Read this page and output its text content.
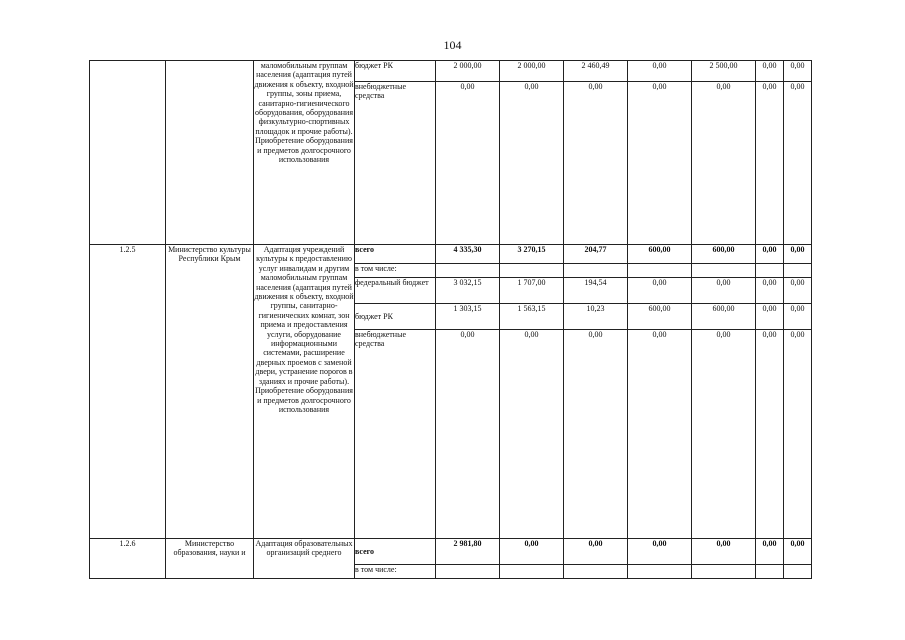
104
		маломобильным группам населения (адаптация путей движения к объекту, входной группы, зоны приема, санитарно-гигиенического оборудования, оборудования физкультурно-спортивных площадок и прочие работы). Приобретение оборудования и предметов долгосрочного использования	бюджет РК	2 000,00	2 000,00	2 460,49	0,00	2 500,00	0,00	0,00
			внебюджетные средства	0,00	0,00	0,00	0,00	0,00	0,00	0,00
1.2.5	Министерство культуры Республики Крым	Адаптация учреждений культуры к предоставлению услуг инвалидам и другим маломобильным группам населения (адаптация путей движения к объекту, входной группы, санитарно-гигиенических комнат, зон приема и предоставления услуги, оборудование информационными системами, расширение дверных проемов с заменой двери, устранение порогов в зданиях и прочие работы). Приобретение оборудования и предметов долгосрочного использования	всего	4 335,30	3 270,15	204,77	600,00	600,00	0,00	0,00
			в том числе:							
			федеральный бюджет	3 032,15	1 707,00	194,54	0,00	0,00	0,00	0,00
			бюджет РК	1 303,15	1 563,15	10,23	600,00	600,00	0,00	0,00
			внебюджетные средства	0,00	0,00	0,00	0,00	0,00	0,00	0,00
1.2.6	Министерство образования, науки и	Адаптация образовательных организаций среднего	всего	2 981,80	0,00	0,00	0,00	0,00	0,00	0,00
			в том числе:							
